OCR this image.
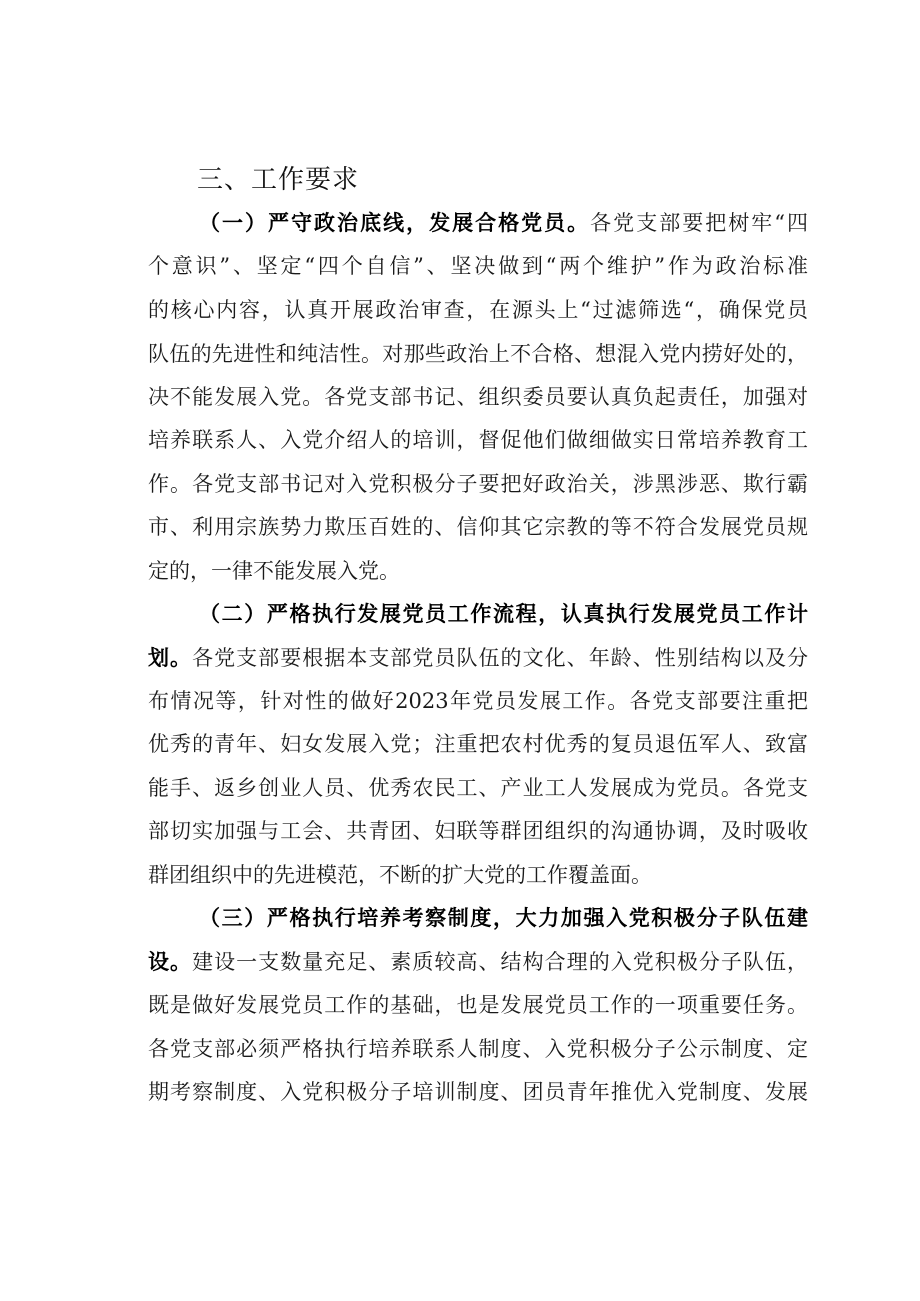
三、工作要求
（一）严守政治底线，发展合格党员。各党支部要把树牢“四
个意识”、坚定“四个自信”、坚决做到“两个维护”作为政治标准
的核心内容，认真开展政治审查，在源头上“过滤筛选“，确保党员
队伍的先进性和纯洁性。对那些政治上不合格、想混入党内捞好处的，
决不能发展入党。各党支部书记、组织委员要认真负起责任，加强对
培养联系人、入党介绍人的培训，督促他们做细做实日常培养教育工
作。各党支部书记对入党积极分子要把好政治关，涉黑涉恶、欺行霸
市、利用宗族势力欺压百姓的、信仰其它宗教的等不符合发展党员规
定的，一律不能发展入党。
（二）严格执行发展党员工作流程，认真执行发展党员工作计
划。各党支部要根据本支部党员队伍的文化、年龄、性别结构以及分
布情况等，针对性的做好2023年党员发展工作。各党支部要注重把
优秀的青年、妇女发展入党；注重把农村优秀的复员退伍军人、致富
能手、返乡创业人员、优秀农民工、产业工人发展成为党员。各党支
部切实加强与工会、共青团、妇联等群团组织的沟通协调，及时吸收
群团组织中的先进模范，不断的扩大党的工作覆盖面。
（三）严格执行培养考察制度，大力加强入党积极分子队伍建
设。建设一支数量充足、素质较高、结构合理的入党积极分子队伍，
既是做好发展党员工作的基础，也是发展党员工作的一项重要任务。
各党支部必须严格执行培养联系人制度、入党积极分子公示制度、定
期考察制度、入党积极分子培训制度、团员青年推优入党制度、发展
